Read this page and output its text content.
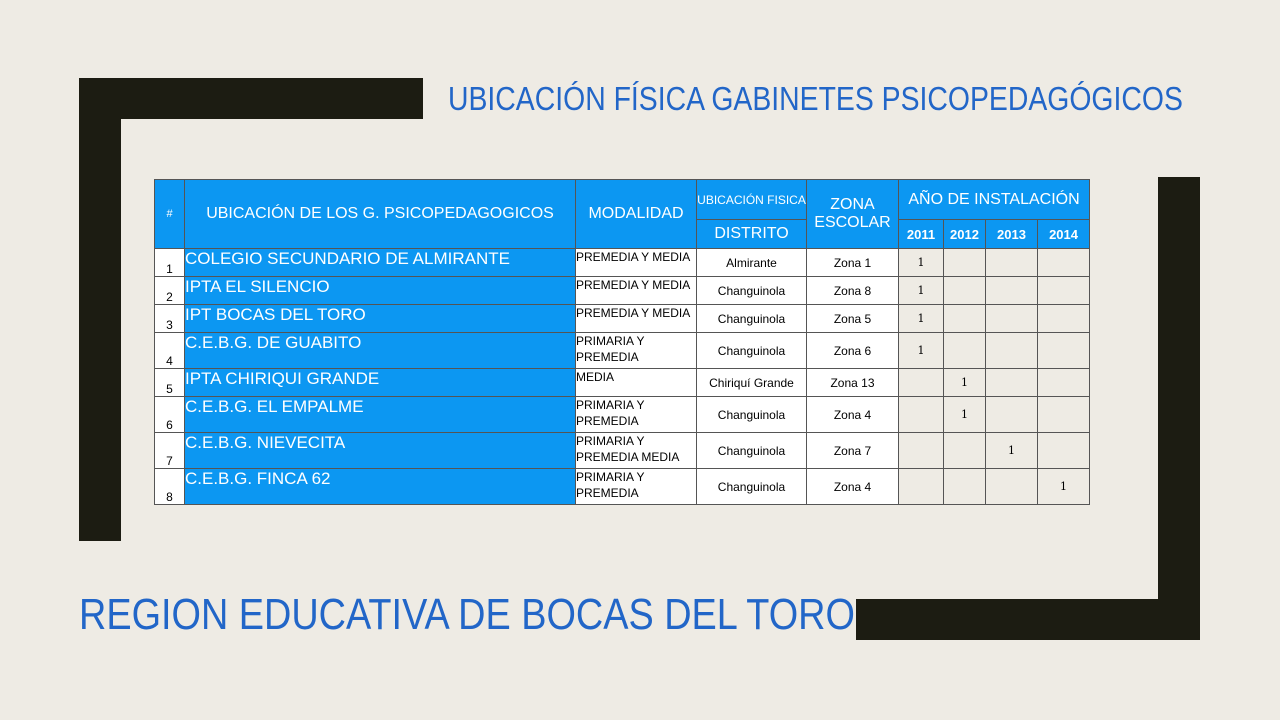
UBICACIÓN FÍSICA GABINETES PSICOPEDAGÓGICOS
#	UBICACIÓN DE LOS G. PSICOPEDAGOGICOS	MODALIDAD	UBICACIÓN FISICA	ZONA ESCOLAR	AÑO DE INSTALACIÓN			
			DISTRITO		2011	2012	2013	2014
1	COLEGIO SECUNDARIO DE ALMIRANTE	PREMEDIA Y MEDIA	Almirante	Zona 1	1			
2	IPTA EL SILENCIO	PREMEDIA Y MEDIA	Changuinola	Zona 8	1			
3	IPT BOCAS DEL TORO	PREMEDIA Y MEDIA	Changuinola	Zona 5	1			
4	C.E.B.G. DE GUABITO	PRIMARIA Y PREMEDIA	Changuinola	Zona 6	1			
5	IPTA CHIRIQUI GRANDE	MEDIA	Chiriquí Grande	Zona 13		1		
6	C.E.B.G. EL EMPALME	PRIMARIA Y PREMEDIA	Changuinola	Zona 4		1		
7	C.E.B.G. NIEVECITA	PRIMARIA Y PREMEDIA MEDIA	Changuinola	Zona 7			1	
8	C.E.B.G. FINCA 62	PRIMARIA Y PREMEDIA	Changuinola	Zona 4				1
REGION EDUCATIVA DE BOCAS DEL TORO
